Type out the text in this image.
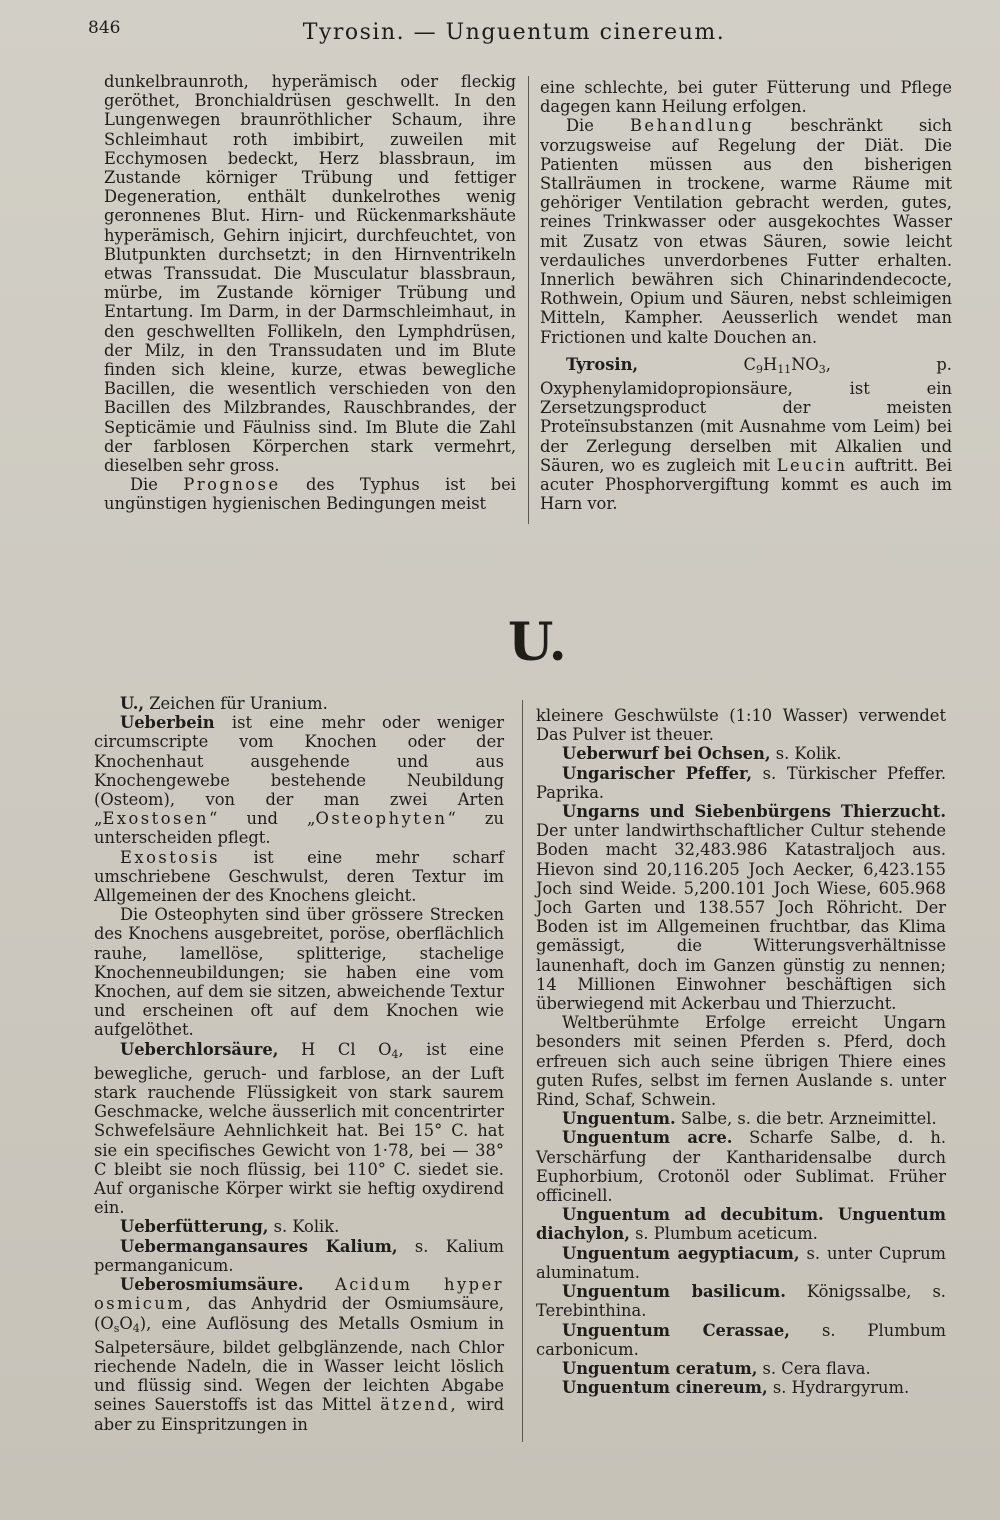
846	Tyrosin. — Unguentum cinereum.

dunkelbraunroth, hyperämisch oder fleckig geröthet, Bronchialdrüsen geschwellt. In den Lungenwegen braunröthlicher Schaum, ihre Schleimhaut roth imbibirt, zuweilen mit Ecchymosen bedeckt, Herz blassbraun, im Zustande körniger Trübung und fettiger Degeneration, enthält dunkelrothes wenig geronnenes Blut. Hirn- und Rückenmarkshäute hyperämisch, Gehirn injicirt, durchfeuchtet, von Blutpunkten durchsetzt; in den Hirnventrikeln etwas Transsudat. Die Musculatur blassbraun, mürbe, im Zustande körniger Trübung und Entartung. Im Darm, in der Darmschleimhaut, in den geschwellten Follikeln, den Lymphdrüsen, der Milz, in den Transsudaten und im Blute finden sich kleine, kurze, etwas bewegliche Bacillen, die wesentlich verschieden von den Bacillen des Milzbrandes, Rauschbrandes, der Septicämie und Fäulniss sind. Im Blute die Zahl der farblosen Körperchen stark vermehrt, dieselben sehr gross.

Die Prognose des Typhus ist bei ungünstigen hygienischen Bedingungen meist

eine schlechte, bei guter Fütterung und Pflege dagegen kann Heilung erfolgen.

Die Behandlung beschränkt sich vorzugsweise auf Regelung der Diät. Die Patienten müssen aus den bisherigen Stallräumen in trockene, warme Räume mit gehöriger Ventilation gebracht werden, gutes, reines Trinkwasser oder ausgekochtes Wasser mit Zusatz von etwas Säuren, sowie leicht verdauliches unverdorbenes Futter erhalten. Innerlich bewähren sich Chinarindendecocte, Rothwein, Opium und Säuren, nebst schleimigen Mitteln, Kampher. Aeusserlich wendet man Frictionen und kalte Douchen an.

Tyrosin,	$C_9H_{11}NO_3$, p. Oxyphenylamidopropionsäure, ist ein Zersetzungsproduct der meisten Proteïnsubstanzen (mit Ausnahme vom Leim) bei der Zerlegung derselben mit Alkalien und Säuren, wo es zugleich mit Leucin auftritt. Bei acuter Phosphorvergiftung kommt es auch im Harn vor.

U.

U., Zeichen für Uranium.

Ueberbein ist eine mehr oder weniger circumscripte vom Knochen oder der Knochenhaut ausgehende und aus Knochengewebe bestehende Neubildung (Osteom), von der man zwei Arten „Exostosen“ und „Osteophyten“ zu unterscheiden pflegt.

Exostosis ist eine mehr scharf umschriebene Geschwulst, deren Textur im Allgemeinen der des Knochens gleicht.

Die Osteophyten sind über grössere Strecken des Knochens ausgebreitet, poröse, oberflächlich rauhe, lamellöse, splitterige, stachelige Knochenneubildungen; sie haben eine vom Knochen, auf dem sie sitzen, abweichende Textur und erscheinen oft auf dem Knochen wie aufgelöthet.

Ueberchlorsäure, H Cl $O_4$, ist eine bewegliche, geruch- und farblose, an der Luft stark rauchende Flüssigkeit von stark saurem Geschmacke, welche äusserlich mit concentrirter Schwefelsäure Aehnlichkeit hat. Bei 15° C. hat sie ein specifisches Gewicht von 1·78, bei — 38° C bleibt sie noch flüssig, bei 110° C. siedet sie. Auf organische Körper wirkt sie heftig oxydirend ein.

Ueberfütterung, s. Kolik.

Uebermangansaures Kalium, s. Kalium permanganicum.

Ueberosmiumsäure. Acidum hyper osmicum, das Anhydrid der Osmiumsäure, $(O_sO_4)$, eine Auflösung des Metalls Osmium in Salpetersäure, bildet gelbglänzende, nach Chlor riechende Nadeln, die in Wasser leicht löslich und flüssig sind. Wegen der leichten Abgabe seines Sauerstoffs ist das Mittel ätzend, wird aber zu Einspritzungen in

kleinere Geschwülste (1:10 Wasser) verwendet Das Pulver ist theuer.

Ueberwurf bei Ochsen, s. Kolik.

Ungarischer Pfeffer, s. Türkischer Pfeffer. Paprika.

Ungarns und Siebenbürgens Thierzucht. Der unter landwirthschaftlicher Cultur stehende Boden macht 32,483.986 Katastraljoch aus. Hievon sind 20,116.205 Joch Aecker, 6,423.155 Joch sind Weide. 5,200.101 Joch Wiese, 605.968 Joch Garten und 138.557 Joch Röhricht. Der Boden ist im Allgemeinen fruchtbar, das Klima gemässigt, die Witterungsverhältnisse launenhaft, doch im Ganzen günstig zu nennen; 14 Millionen Einwohner beschäftigen sich überwiegend mit Ackerbau und Thierzucht.

Weltberühmte Erfolge erreicht Ungarn besonders mit seinen Pferden s. Pferd, doch erfreuen sich auch seine übrigen Thiere eines guten Rufes, selbst im fernen Auslande s. unter Rind, Schaf, Schwein.

Unguentum. Salbe, s. die betr. Arzneimittel.

Unguentum acre. Scharfe Salbe, d. h. Verschärfung der Kantharidensalbe durch Euphorbium, Crotonöl oder Sublimat. Früher officinell.

Unguentum ad decubitum. Unguentum diachylon, s. Plumbum aceticum.

Unguentum aegyptiacum, s. unter Cuprum aluminatum.

Unguentum basilicum. Königssalbe, s. Terebinthina.

Unguentum Cerassae, s. Plumbum carbonicum.

Unguentum ceratum, s. Cera flava.

Unguentum cinereum, s. Hydrargyrum.
